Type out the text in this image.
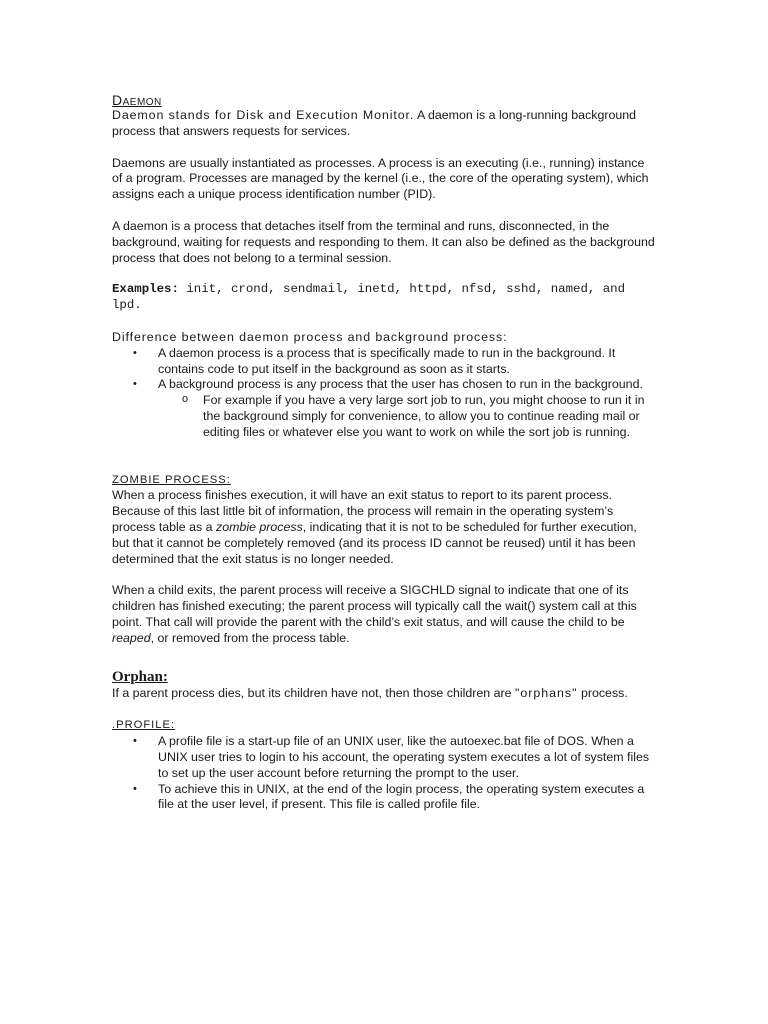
Daemon

Daemon stands for Disk and Execution Monitor. A daemon is a long-running background process that answers requests for services.

Daemons are usually instantiated as processes. A process is an executing (i.e., running) instance of a program. Processes are managed by the kernel (i.e., the core of the operating system), which assigns each a unique process identification number (PID).

A daemon is a process that detaches itself from the terminal and runs, disconnected, in the background, waiting for requests and responding to them. It can also be defined as the background process that does not belong to a terminal session.

Examples: init, crond, sendmail, inetd, httpd, nfsd, sshd, named, and lpd.

Difference between daemon process and background process:

• A daemon process is a process that is specifically made to run in the background. It contains code to put itself in the background as soon as it starts.
• A background process is any process that the user has chosen to run in the background.
o For example if you have a very large sort job to run, you might choose to run it in the background simply for convenience, to allow you to continue reading mail or editing files or whatever else you want to work on while the sort job is running.

ZOMBIE PROCESS:

When a process finishes execution, it will have an exit status to report to its parent process. Because of this last little bit of information, the process will remain in the operating system’s process table as a zombie process, indicating that it is not to be scheduled for further execution, but that it cannot be completely removed (and its process ID cannot be reused) until it has been determined that the exit status is no longer needed.

When a child exits, the parent process will receive a SIGCHLD signal to indicate that one of its children has finished executing; the parent process will typically call the wait() system call at this point. That call will provide the parent with the child’s exit status, and will cause the child to be reaped, or removed from the process table.

Orphan:

If a parent process dies, but its children have not, then those children are "orphans" process.

.PROFILE:

• A profile file is a start-up file of an UNIX user, like the autoexec.bat file of DOS. When a UNIX user tries to login to his account, the operating system executes a lot of system files to set up the user account before returning the prompt to the user.
• To achieve this in UNIX, at the end of the login process, the operating system executes a file at the user level, if present. This file is called profile file.
